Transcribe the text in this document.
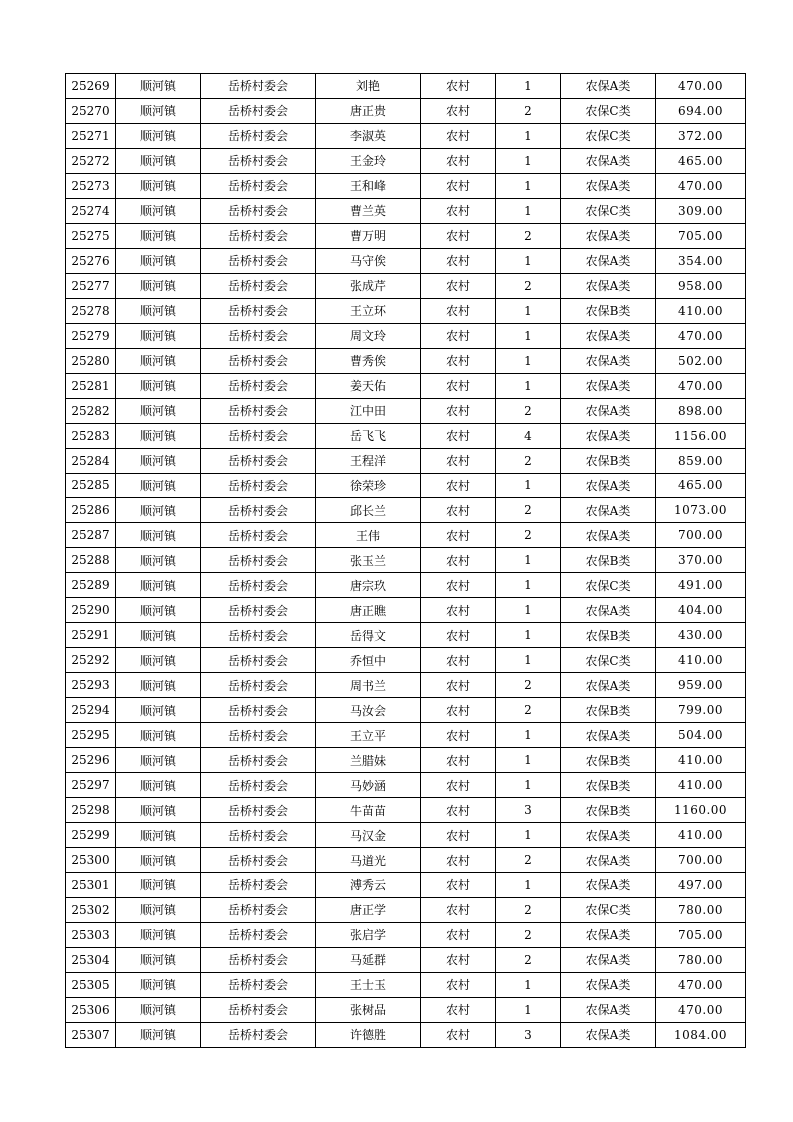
25269	顺河镇	岳桥村委会	刘艳	农村	1	农保A类	470.00
25270	顺河镇	岳桥村委会	唐正贵	农村	2	农保C类	694.00
25271	顺河镇	岳桥村委会	李淑英	农村	1	农保C类	372.00
25272	顺河镇	岳桥村委会	王金玲	农村	1	农保A类	465.00
25273	顺河镇	岳桥村委会	王和峰	农村	1	农保A类	470.00
25274	顺河镇	岳桥村委会	曹兰英	农村	1	农保C类	309.00
25275	顺河镇	岳桥村委会	曹万明	农村	2	农保A类	705.00
25276	顺河镇	岳桥村委会	马守俟	农村	1	农保A类	354.00
25277	顺河镇	岳桥村委会	张成芹	农村	2	农保A类	958.00
25278	顺河镇	岳桥村委会	王立环	农村	1	农保B类	410.00
25279	顺河镇	岳桥村委会	周文玲	农村	1	农保A类	470.00
25280	顺河镇	岳桥村委会	曹秀俟	农村	1	农保A类	502.00
25281	顺河镇	岳桥村委会	姜天佑	农村	1	农保A类	470.00
25282	顺河镇	岳桥村委会	江中田	农村	2	农保A类	898.00
25283	顺河镇	岳桥村委会	岳飞飞	农村	4	农保A类	1156.00
25284	顺河镇	岳桥村委会	王程洋	农村	2	农保B类	859.00
25285	顺河镇	岳桥村委会	徐荣珍	农村	1	农保A类	465.00
25286	顺河镇	岳桥村委会	邱长兰	农村	2	农保A类	1073.00
25287	顺河镇	岳桥村委会	王伟	农村	2	农保A类	700.00
25288	顺河镇	岳桥村委会	张玉兰	农村	1	农保B类	370.00
25289	顺河镇	岳桥村委会	唐宗玖	农村	1	农保C类	491.00
25290	顺河镇	岳桥村委会	唐正瞧	农村	1	农保A类	404.00
25291	顺河镇	岳桥村委会	岳得文	农村	1	农保B类	430.00
25292	顺河镇	岳桥村委会	乔恒中	农村	1	农保C类	410.00
25293	顺河镇	岳桥村委会	周书兰	农村	2	农保A类	959.00
25294	顺河镇	岳桥村委会	马汝会	农村	2	农保B类	799.00
25295	顺河镇	岳桥村委会	王立平	农村	1	农保A类	504.00
25296	顺河镇	岳桥村委会	兰腊妹	农村	1	农保B类	410.00
25297	顺河镇	岳桥村委会	马妙涵	农村	1	农保B类	410.00
25298	顺河镇	岳桥村委会	牛苗苗	农村	3	农保B类	1160.00
25299	顺河镇	岳桥村委会	马汉金	农村	1	农保A类	410.00
25300	顺河镇	岳桥村委会	马道光	农村	2	农保A类	700.00
25301	顺河镇	岳桥村委会	溥秀云	农村	1	农保A类	497.00
25302	顺河镇	岳桥村委会	唐正学	农村	2	农保C类	780.00
25303	顺河镇	岳桥村委会	张启学	农村	2	农保A类	705.00
25304	顺河镇	岳桥村委会	马延群	农村	2	农保A类	780.00
25305	顺河镇	岳桥村委会	王士玉	农村	1	农保A类	470.00
25306	顺河镇	岳桥村委会	张树品	农村	1	农保A类	470.00
25307	顺河镇	岳桥村委会	许德胜	农村	3	农保A类	1084.00
